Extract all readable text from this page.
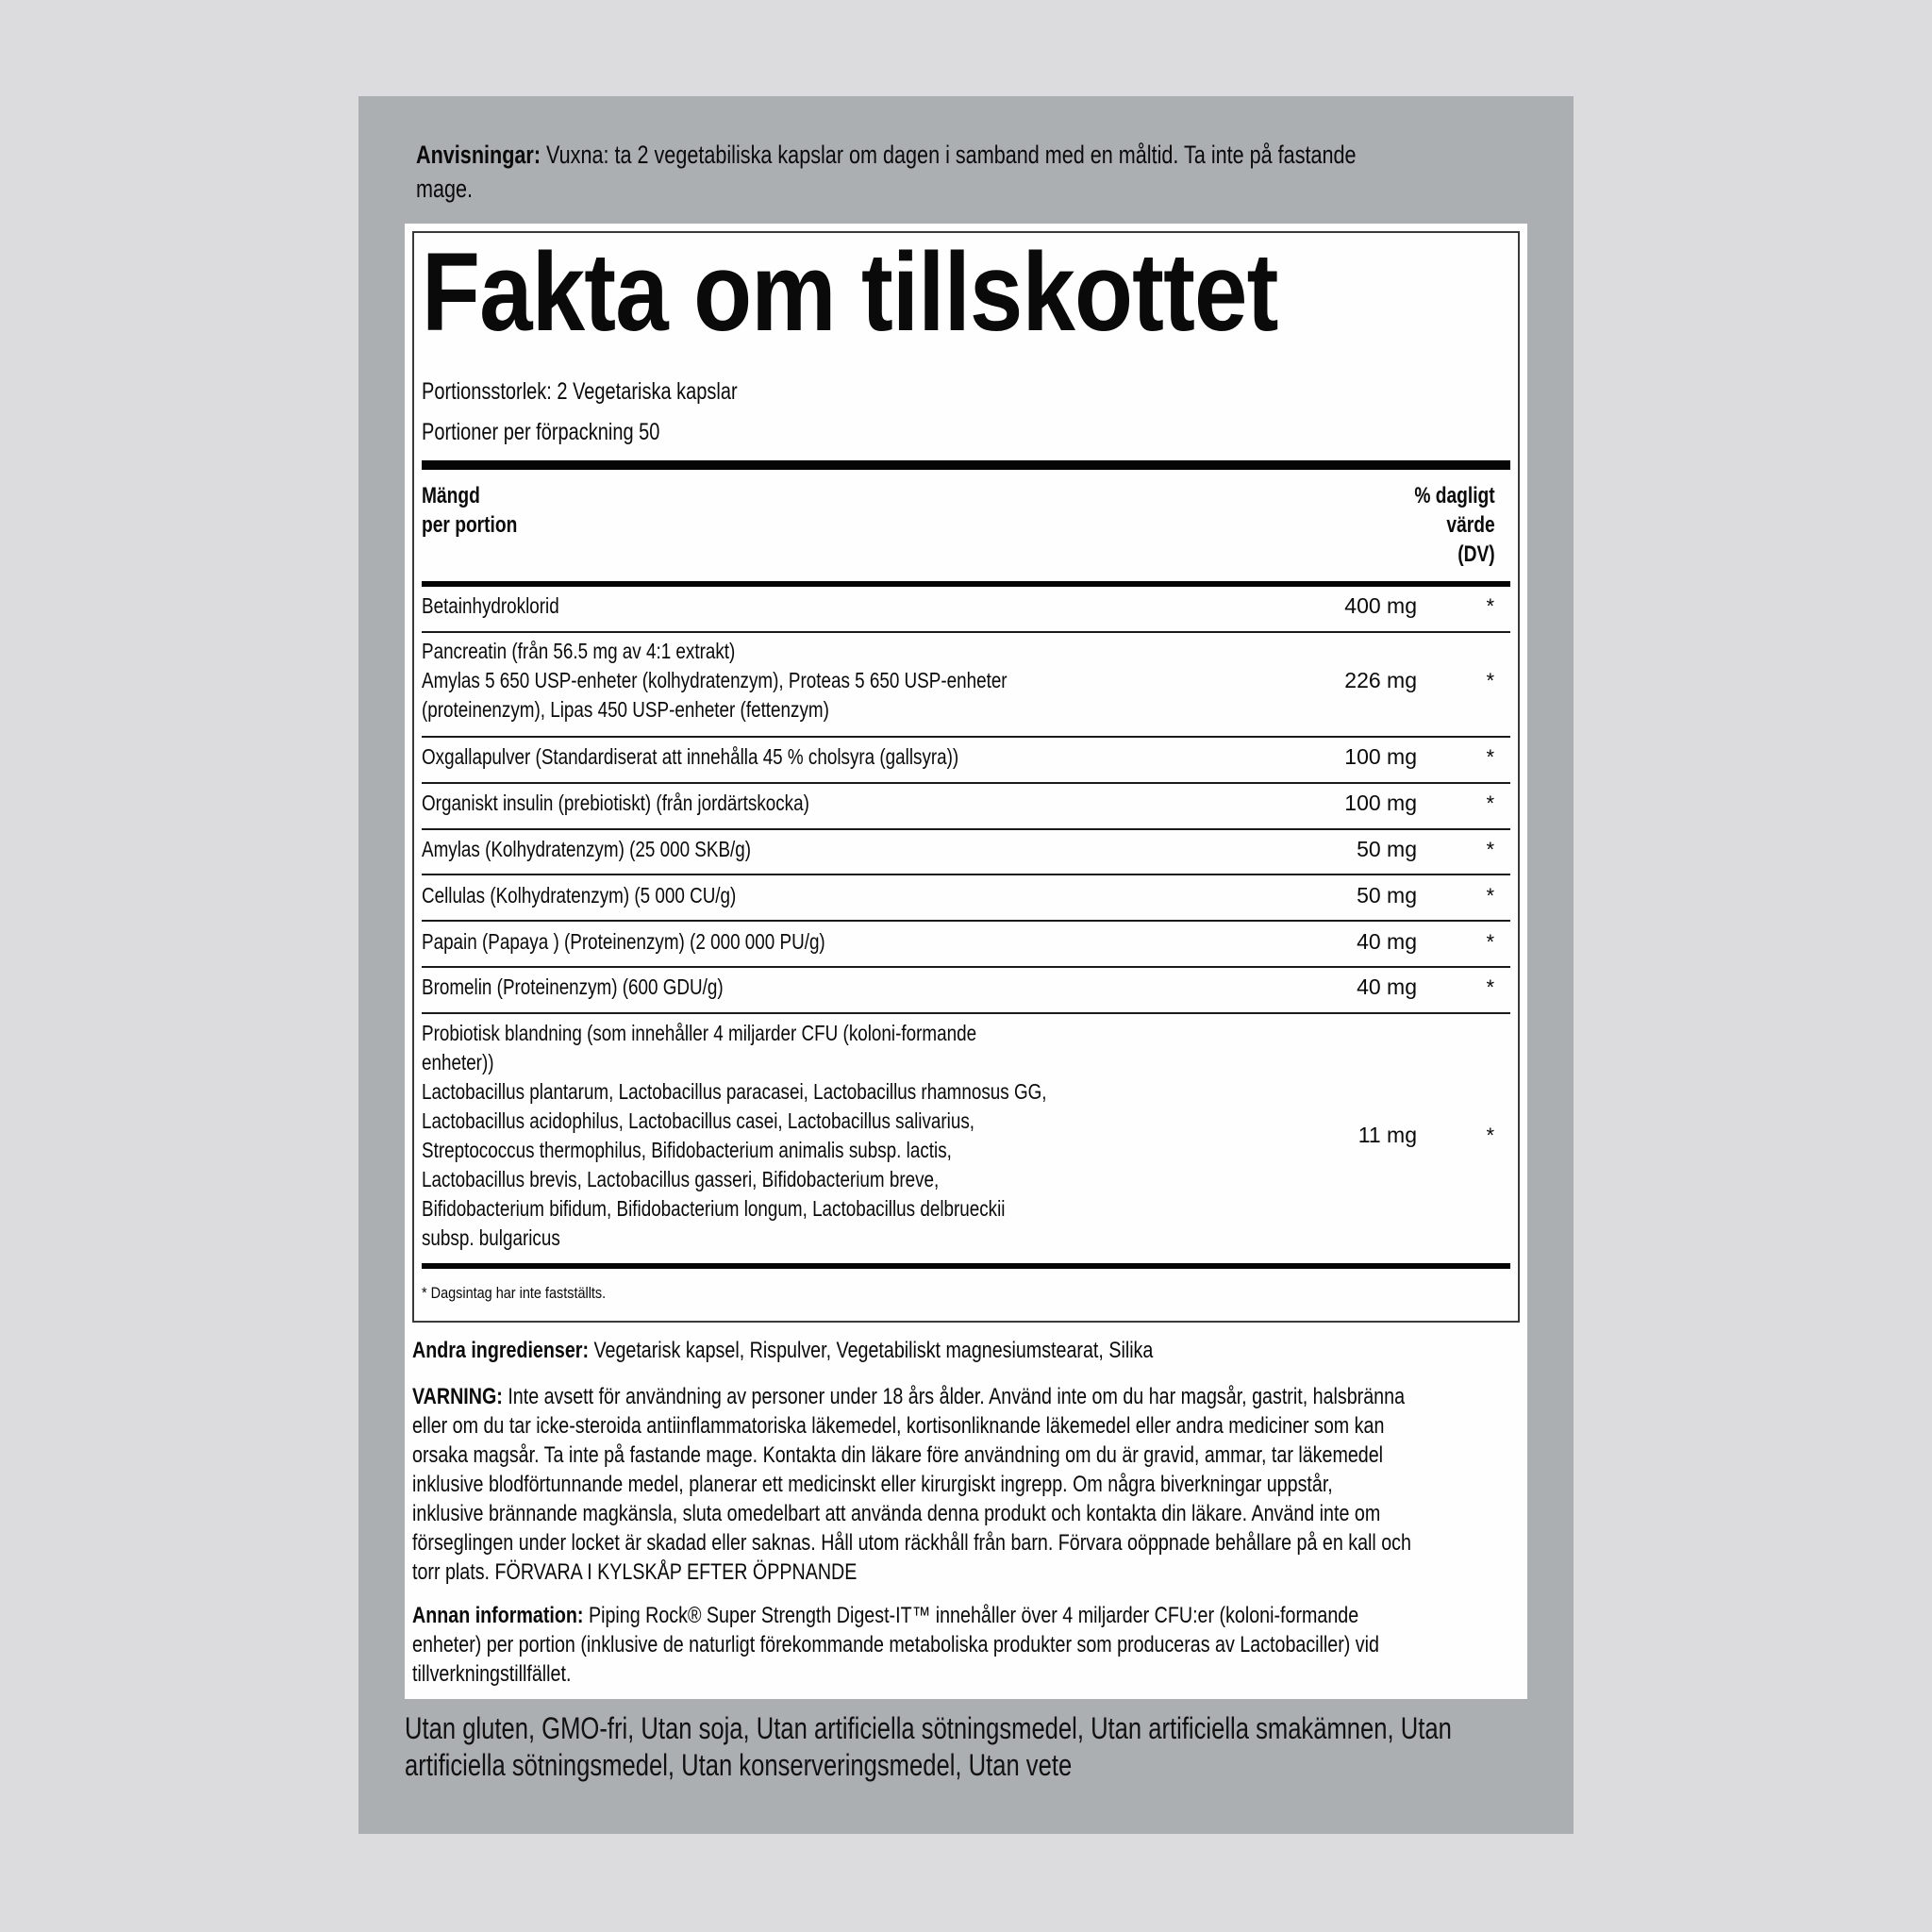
Anvisningar: Vuxna: ta 2 vegetabiliska kapslar om dagen i samband med en måltid. Ta inte på fastande
mage.
Fakta om tillskottet
Portionsstorlek: 2 Vegetariska kapslar
Portioner per förpackning 50
Mängd
per portion
% dagligt
värde
(DV)
Betainhydroklorid	400 mg	*
Pancreatin (från 56.5 mg av 4:1 extrakt)
Amylas 5 650 USP-enheter (kolhydratenzym), Proteas 5 650 USP-enheter
(proteinenzym), Lipas 450 USP-enheter (fettenzym)
226 mg	*
Oxgallapulver (Standardiserat att innehålla 45 % cholsyra (gallsyra))	100 mg	*
Organiskt insulin (prebiotiskt) (från jordärtskocka)	100 mg	*
Amylas (Kolhydratenzym) (25 000 SKB/g)	50 mg	*
Cellulas (Kolhydratenzym) (5 000 CU/g)	50 mg	*
Papain (Papaya ) (Proteinenzym) (2 000 000 PU/g)	40 mg	*
Bromelin (Proteinenzym) (600 GDU/g)	40 mg	*
Probiotisk blandning (som innehåller 4 miljarder CFU (koloni-formande
enheter))
Lactobacillus plantarum, Lactobacillus paracasei, Lactobacillus rhamnosus GG,
Lactobacillus acidophilus, Lactobacillus casei, Lactobacillus salivarius,
Streptococcus thermophilus, Bifidobacterium animalis subsp. lactis,
Lactobacillus brevis, Lactobacillus gasseri, Bifidobacterium breve,
Bifidobacterium bifidum, Bifidobacterium longum, Lactobacillus delbrueckii
subsp. bulgaricus
11 mg	*
* Dagsintag har inte fastställts.
Andra ingredienser: Vegetarisk kapsel, Rispulver, Vegetabiliskt magnesiumstearat, Silika
VARNING: Inte avsett för användning av personer under 18 års ålder. Använd inte om du har magsår, gastrit, halsbränna
eller om du tar icke-steroida antiinflammatoriska läkemedel, kortisonliknande läkemedel eller andra mediciner som kan
orsaka magsår. Ta inte på fastande mage. Kontakta din läkare före användning om du är gravid, ammar, tar läkemedel
inklusive blodförtunnande medel, planerar ett medicinskt eller kirurgiskt ingrepp. Om några biverkningar uppstår,
inklusive brännande magkänsla, sluta omedelbart att använda denna produkt och kontakta din läkare. Använd inte om
förseglingen under locket är skadad eller saknas. Håll utom räckhåll från barn. Förvara oöppnade behållare på en kall och
torr plats. FÖRVARA I KYLSKÅP EFTER ÖPPNANDE
Annan information: Piping Rock® Super Strength Digest-IT™ innehåller över 4 miljarder CFU:er (koloni-formande
enheter) per portion (inklusive de naturligt förekommande metaboliska produkter som produceras av Lactobaciller) vid
tillverkningstillfället.
Utan gluten, GMO-fri, Utan soja, Utan artificiella sötningsmedel, Utan artificiella smakämnen, Utan
artificiella sötningsmedel, Utan konserveringsmedel, Utan vete
